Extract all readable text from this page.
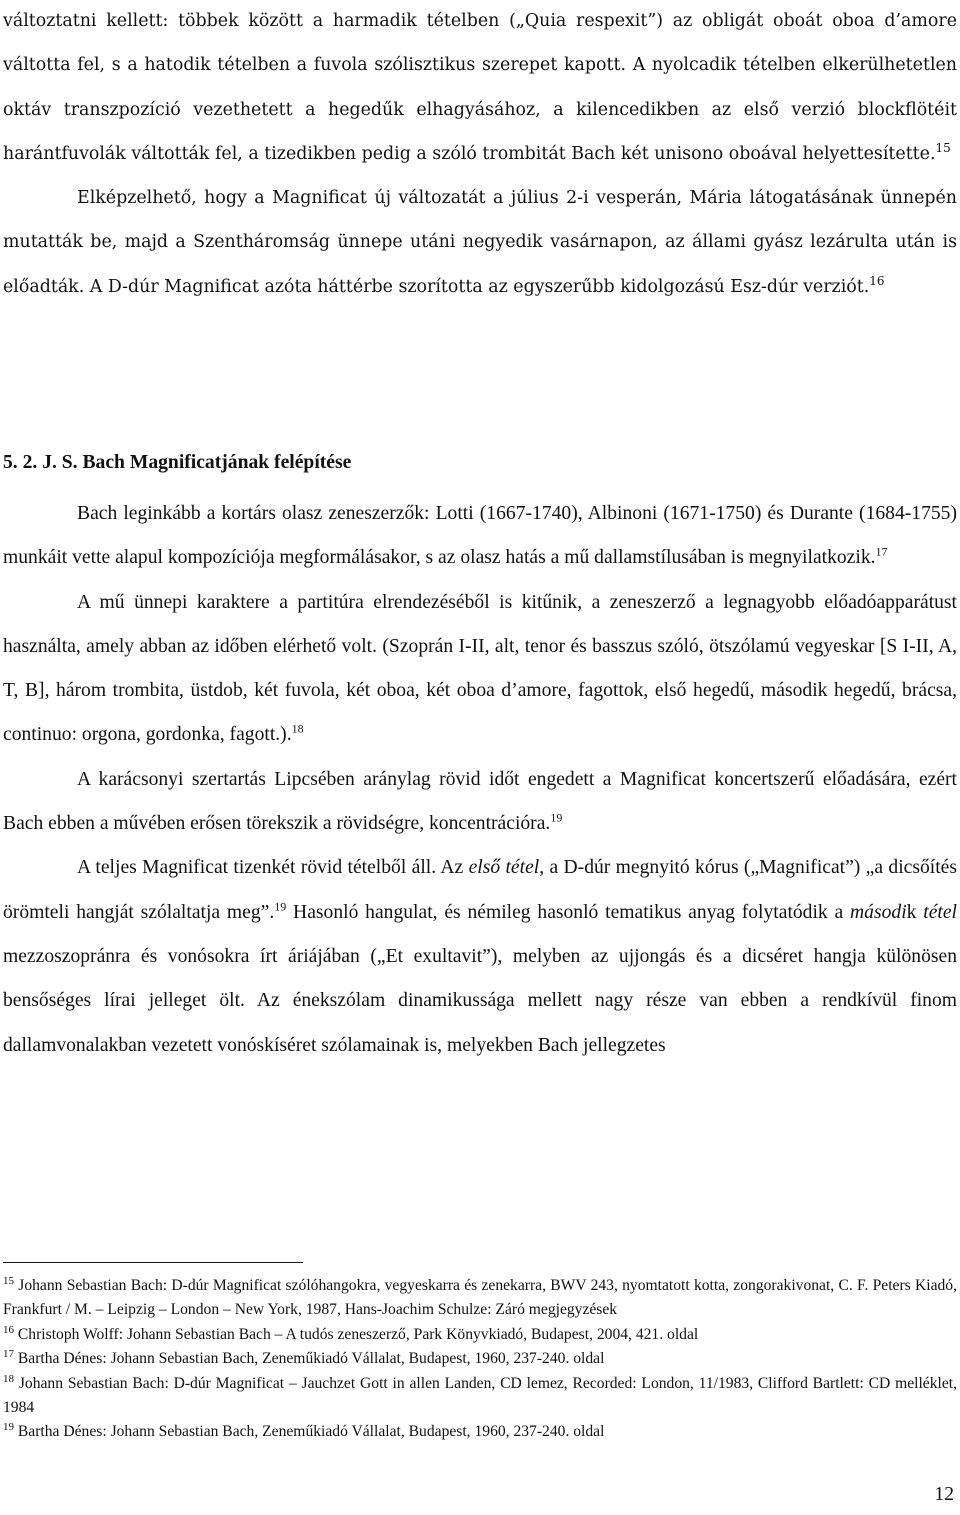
változtatni kellett: többek között a harmadik tételben („Quia respexit”) az obligát oboát oboa d’amore váltotta fel, s a hatodik tételben a fuvola szólisztikus szerepet kapott. A nyolcadik tételben elkerülhetetlen oktáv transzpozíció vezethetett a hegedűk elhagyásához, a kilencedikben az első verzió blockflötéit harántfuvolák váltották fel, a tizedikben pedig a szóló trombitát Bach két unisono oboával helyettesítette.$^{15}$

Elképzelhető, hogy a Magnificat új változatát a július 2-i vesperán, Mária látogatásának ünnepén mutatták be, majd a Szentháromság ünnepe utáni negyedik vasárnapon, az állami gyász lezárulta után is előadták. A D-dúr Magnificat azóta háttérbe szorította az egyszerűbb kidolgozású Esz-dúr verziót.$^{16}$

5. 2. J. S. Bach Magnificatjának felépítése

Bach leginkább a kortárs olasz zeneszerzők: Lotti (1667-1740), Albinoni (1671-1750) és Durante (1684-1755) munkáit vette alapul kompozíciója megformálásakor, s az olasz hatás a mű dallamstílusában is megnyilatkozik.$^{17}$

A mű ünnepi karaktere a partitúra elrendezéséből is kitűnik, a zeneszerző a legnagyobb előadóapparátust használta, amely abban az időben elérhető volt. (Szoprán I-II, alt, tenor és basszus szóló, ötszólamú vegyeskar [S I-II, A, T, B], három trombita, üstdob, két fuvola, két oboa, két oboa d’amore, fagottok, első hegedű, második hegedű, brácsa, continuo: orgona, gordonka, fagott.).$^{18}$

A karácsonyi szertartás Lipcsében aránylag rövid időt engedett a Magnificat koncertszerű előadására, ezért Bach ebben a művében erősen törekszik a rövidségre, koncentrációra.$^{19}$

A teljes Magnificat tizenkét rövid tételből áll. Az első tétel, a D-dúr megnyitó kórus („Magnificat”) „a dicsőítés örömteli hangját szólaltatja meg”.$^{19}$ Hasonló hangulat, és némileg hasonló tematikus anyag folytatódik a második tétel mezzoszopránra és vonósokra írt áriájában („Et exultavit”), melyben az ujjongás és a dicséret hangja különösen bensőséges lírai jelleget ölt. Az énekszólam dinamikussága mellett nagy része van ebben a rendkívül finom dallamvonalakban vezetett vonóskíséret szólamainak is, melyekben Bach jellegzetes

$^{15}$ Johann Sebastian Bach: D-dúr Magnificat szólóhangokra, vegyeskarra és zenekarra, BWV 243, nyomtatott kotta, zongorakivonat, C. F. Peters Kiadó, Frankfurt / M. – Leipzig – London – New York, 1987, Hans-Joachim Schulze: Záró megjegyzések

$^{16}$ Christoph Wolff: Johann Sebastian Bach – A tudós zeneszerző, Park Könyvkiadó, Budapest, 2004, 421. oldal

$^{17}$ Bartha Dénes: Johann Sebastian Bach, Zeneműkiadó Vállalat, Budapest, 1960, 237-240. oldal

$^{18}$ Johann Sebastian Bach: D-dúr Magnificat – Jauchzet Gott in allen Landen, CD lemez, Recorded: London, 11/1983, Clifford Bartlett: CD melléklet, 1984

$^{19}$ Bartha Dénes: Johann Sebastian Bach, Zeneműkiadó Vállalat, Budapest, 1960, 237-240. oldal

12
